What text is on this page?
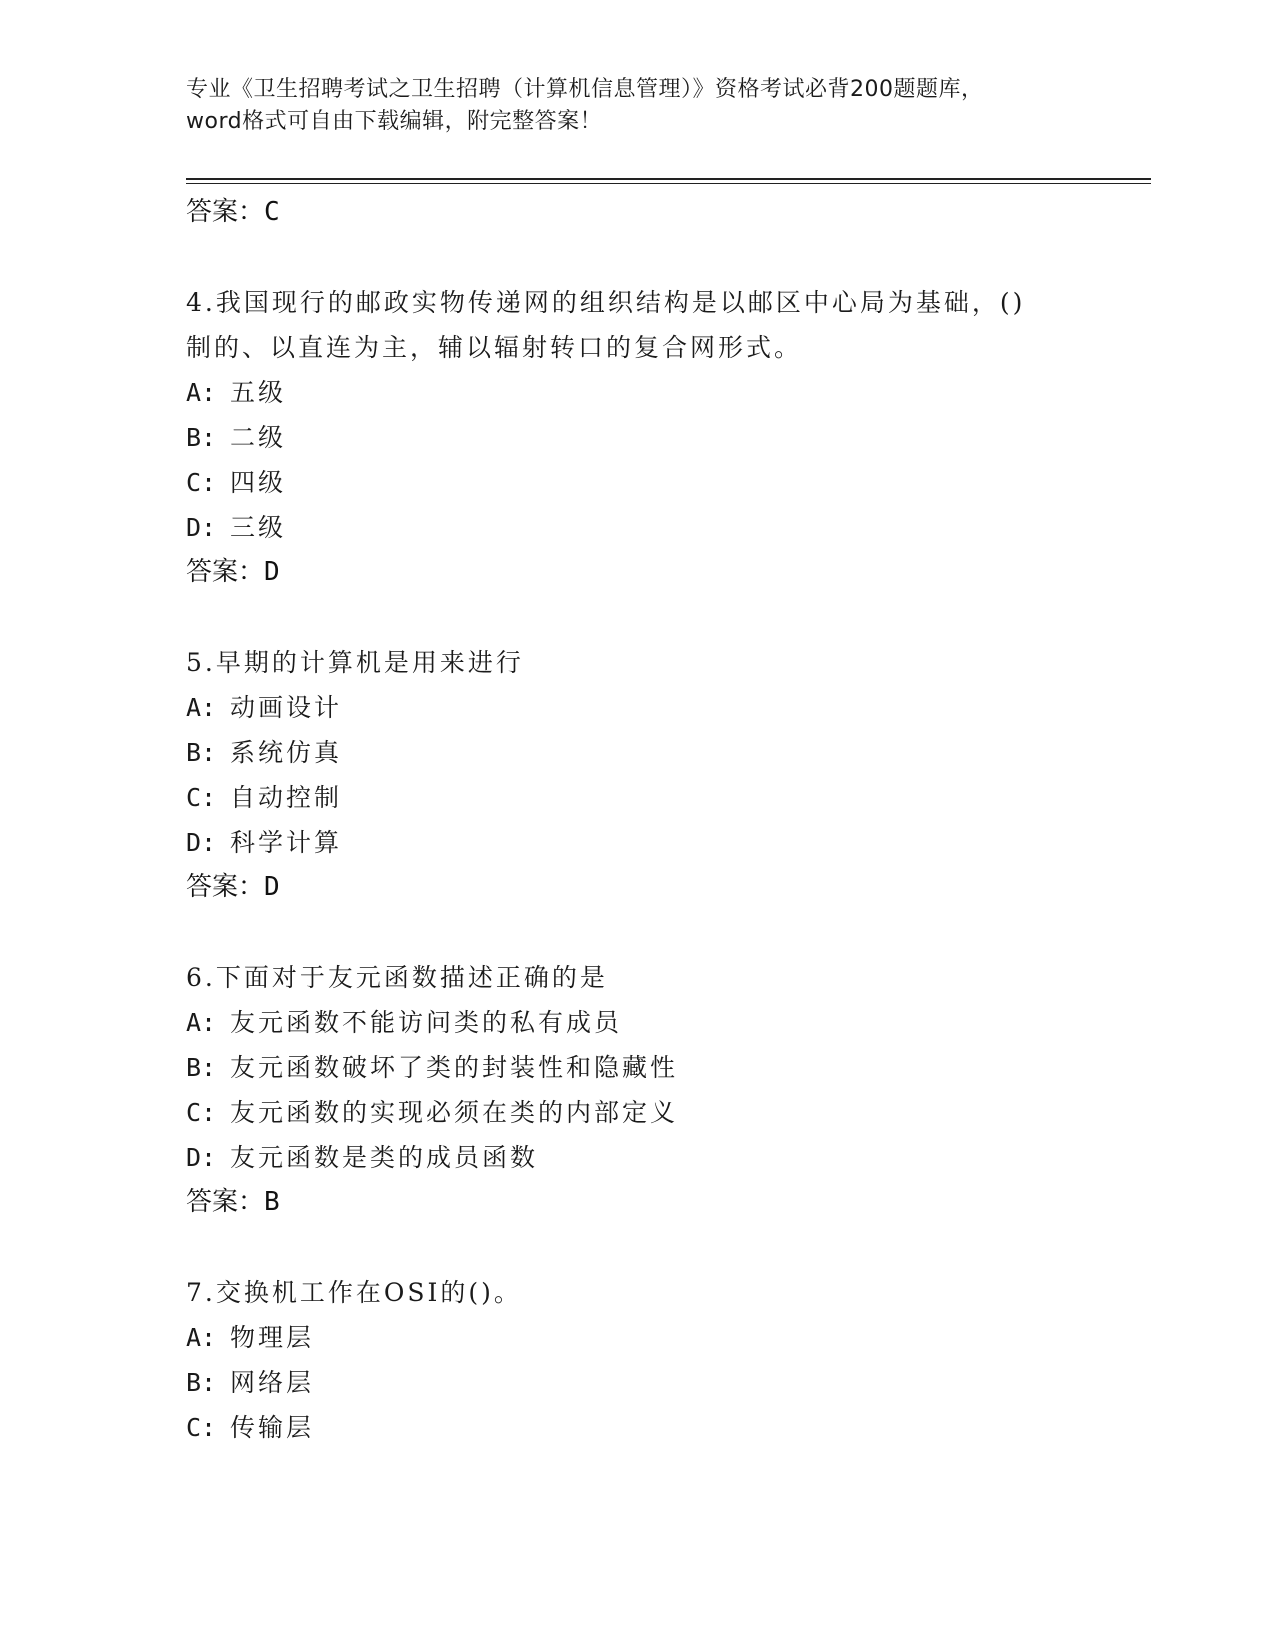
专业《卫生招聘考试之卫生招聘（计算机信息管理）》资格考试必背200题题库，
word格式可自由下载编辑，附完整答案！
答案：C
4.我国现行的邮政实物传递网的组织结构是以邮区中心局为基础，()
制的、以直连为主，辅以辐射转口的复合网形式。
A: 五级
B: 二级
C: 四级
D: 三级
答案：D
5.早期的计算机是用来进行
A: 动画设计
B: 系统仿真
C: 自动控制
D: 科学计算
答案：D
6.下面对于友元函数描述正确的是
A: 友元函数不能访问类的私有成员
B: 友元函数破坏了类的封装性和隐藏性
C: 友元函数的实现必须在类的内部定义
D: 友元函数是类的成员函数
答案：B
7.交换机工作在OSI的()。
A: 物理层
B: 网络层
C: 传输层
